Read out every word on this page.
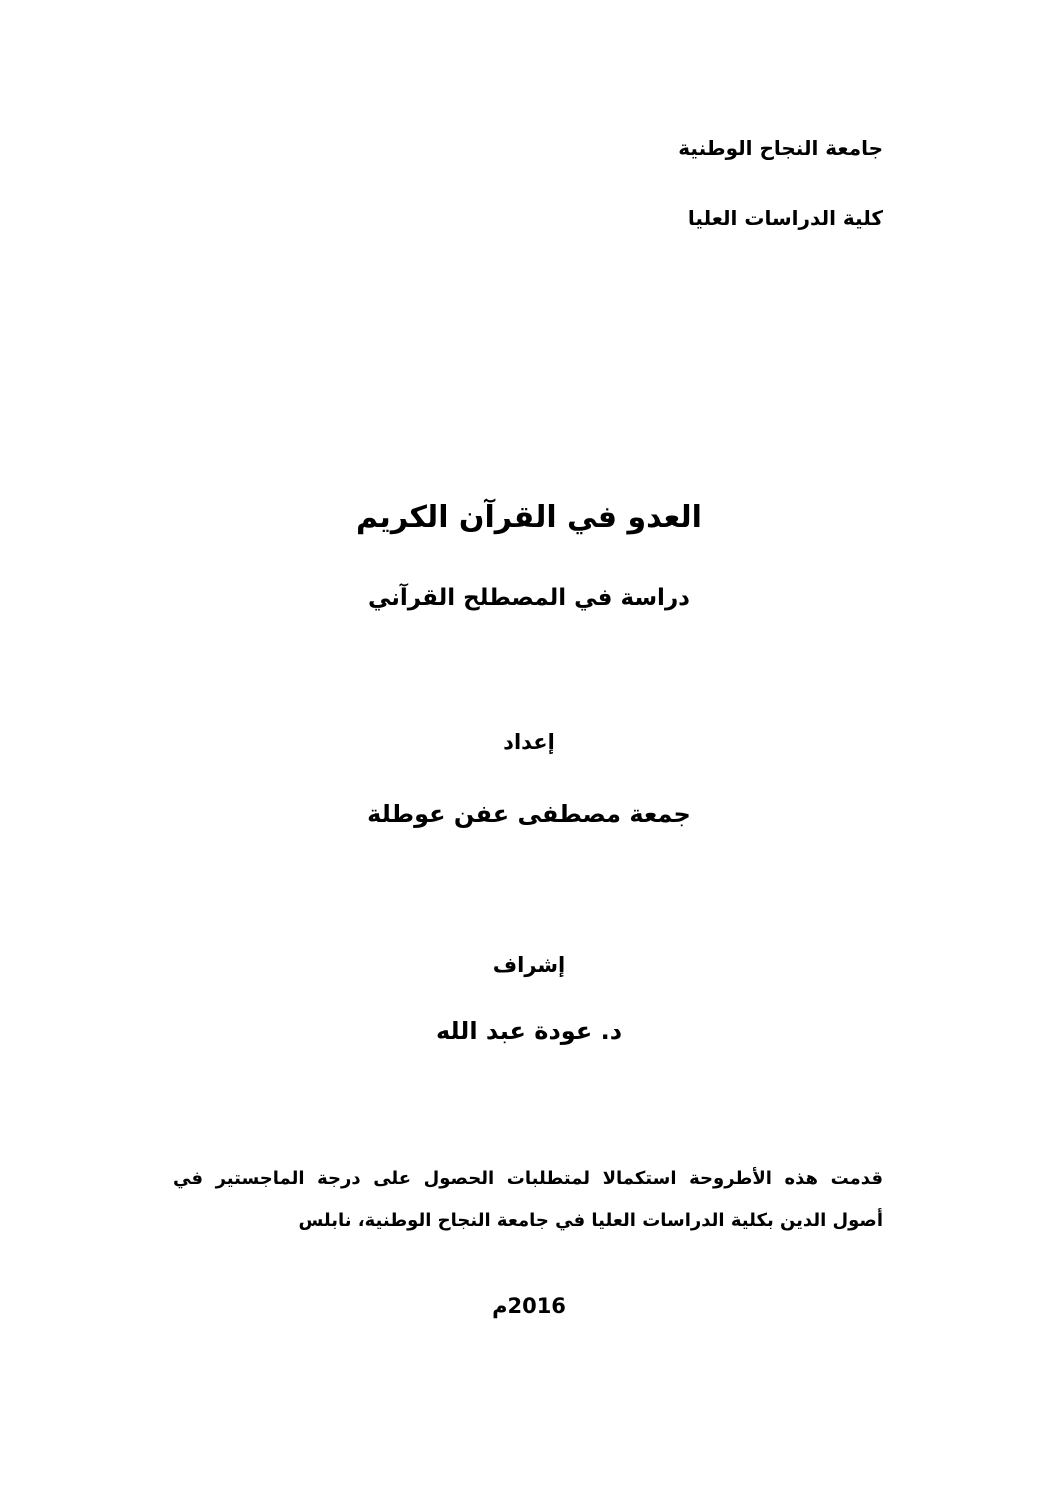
جامعة النجاح الوطنية
كلية الدراسات العليا
العدو في القرآن الكريم
دراسة في المصطلح القرآني
إعداد
جمعة مصطفى عفن عوطلة
إشراف
د. عودة عبد الله
قدمت هذه الأطروحة استكمالا لمتطلبات الحصول على درجة الماجستير في
أصول الدين بكلية الدراسات العليا في جامعة النجاح الوطنية، نابلس
2016م
